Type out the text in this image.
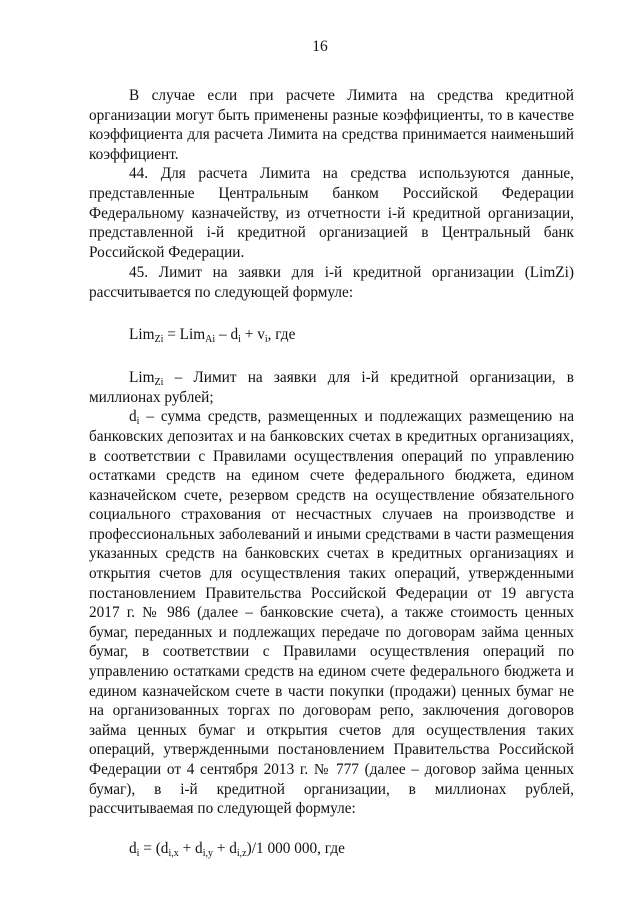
16

В случае если при расчете Лимита на средства кредитной организации могут быть применены разные коэффициенты, то в качестве коэффициента для расчета Лимита на средства принимается наименьший коэффициент.

44. Для расчета Лимита на средства используются данные, представленные Центральным банком Российской Федерации Федеральному казначейству, из отчетности i-й кредитной организации, представленной i-й кредитной организацией в Центральный банк Российской Федерации.

45. Лимит на заявки для i-й кредитной организации (LimZi) рассчитывается по следующей формуле:

$Lim_{Zi} = Lim_{Ai} - d_i + v_i$, где

Lim$_{Zi}$ – Лимит на заявки для i-й кредитной организации, в миллионах рублей;

$d_i$ – сумма средств, размещенных и подлежащих размещению на банковских депозитах и на банковских счетах в кредитных организациях, в соответствии с Правилами осуществления операций по управлению остатками средств на едином счете федерального бюджета, едином казначейском счете, резервом средств на осуществление обязательного социального страхования от несчастных случаев на производстве и профессиональных заболеваний и иными средствами в части размещения указанных средств на банковских счетах в кредитных организациях и открытия счетов для осуществления таких операций, утвержденными постановлением Правительства Российской Федерации от 19 августа 2017 г. № 986 (далее – банковские счета), а также стоимость ценных бумаг, переданных и подлежащих передаче по договорам займа ценных бумаг, в соответствии с Правилами осуществления операций по управлению остатками средств на едином счете федерального бюджета и едином казначейском счете в части покупки (продажи) ценных бумаг не на организованных торгах по договорам репо, заключения договоров займа ценных бумаг и открытия счетов для осуществления таких операций, утвержденными постановлением Правительства Российской Федерации от 4 сентября 2013 г. № 777 (далее – договор займа ценных бумаг), в i-й кредитной организации, в миллионах рублей, рассчитываемая по следующей формуле:

$d_i = (d_{i,x} + d_{i,y} + d_{i,z})/1$ 000 000, где
